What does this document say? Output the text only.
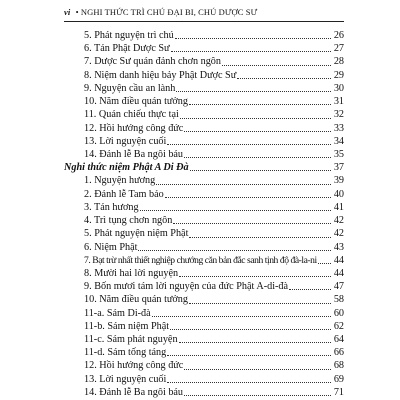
vi • NGHI THỨC TRÌ CHÚ ĐẠI BI, CHÚ DƯỢC SƯ
5. Phát nguyện trì chú	26
6. Tán Phật Dược Sư	27
7. Dược Sư quán đảnh chơn ngôn	28
8. Niệm danh hiệu bảy Phật Dược Sư	29
9. Nguyện cầu an lành	30
10. Năm điều quán tưởng	31
11. Quán chiếu thực tại	32
12. Hồi hướng công đức	33
13. Lời nguyện cuối	34
14. Đảnh lễ Ba ngôi báu	35
Nghi thức niệm Phật A Di Đà	37
1. Nguyện hương	39
2. Đảnh lễ Tam bảo	40
3. Tán hương	41
4. Trì tụng chơn ngôn	42
5. Phát nguyện niệm Phật	42
6. Niệm Phật	43
7. Bạt trừ nhất thiết nghiệp chướng căn bản đắc sanh tịnh độ đà-la-ni 44
8. Mười hai lời nguyện	44
9. Bốn mươi tám lời nguyện của đức Phật A-di-đà	47
10. Năm điều quán tưởng	58
11-a. Sám Di-đà	60
11-b. Sám niệm Phật	62
11-c. Sám phát nguyện	64
11-d. Sám tống táng	66
12. Hồi hướng công đức	68
13. Lời nguyện cuối	69
14. Đảnh lễ Ba ngôi báu	71
